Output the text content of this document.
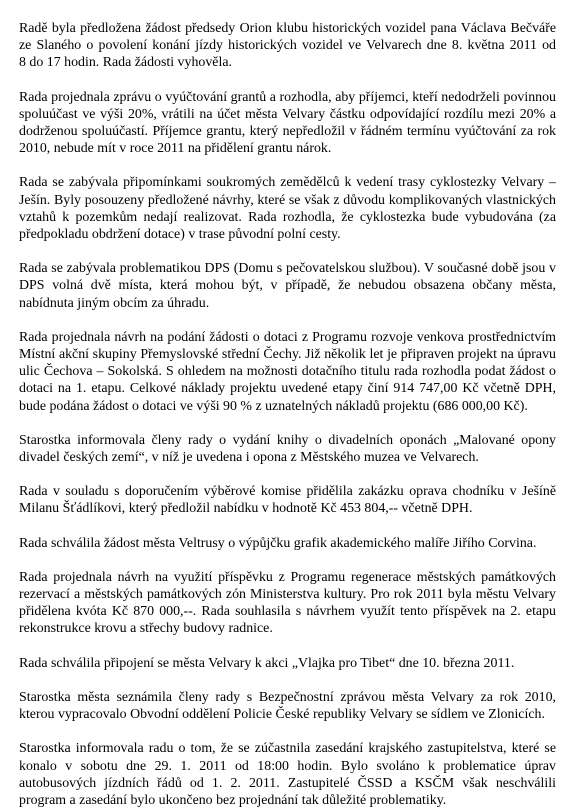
Radě byla předložena žádost předsedy Orion klubu historických vozidel pana Václava Bečváře
ze Slaného o povolení konání jízdy historických vozidel ve Velvarech dne 8. května 2011 od
8 do 17 hodin. Rada žádosti vyhověla.

Rada projednala zprávu o vyúčtování grantů a rozhodla, aby příjemci, kteří nedodrželi povinnou
spoluúčast ve výši 20%, vrátili na účet města Velvary částku odpovídající rozdílu mezi 20% a
dodrženou spoluúčastí. Příjemce grantu, který nepředložil v řádném termínu vyúčtování za rok
2010, nebude mít v roce 2011 na přidělení grantu nárok.

Rada se zabývala připomínkami soukromých zemědělců k vedení trasy cyklostezky Velvary –
Ješín. Byly posouzeny předložené návrhy, které se však z důvodu komplikovaných vlastnických
vztahů k pozemkům nedají realizovat. Rada rozhodla, že cyklostezka bude vybudována (za
předpokladu obdržení dotace) v trase původní polní cesty.

Rada se zabývala problematikou DPS (Domu s pečovatelskou službou). V současné době jsou v
DPS volná dvě místa, která mohou být, v případě, že nebudou obsazena občany města,
nabídnuta jiným obcím za úhradu.

Rada projednala návrh na podání žádosti o dotaci z Programu rozvoje venkova prostřednictvím
Místní akční skupiny Přemyslovské střední Čechy. Již několik let je připraven projekt na úpravu
ulic Čechova – Sokolská. S ohledem na možnosti dotačního titulu rada rozhodla podat žádost o
dotaci na 1. etapu. Celkové náklady projektu uvedené etapy činí 914 747,00 Kč včetně DPH,
bude podána žádost o dotaci ve výši 90 % z uznatelných nákladů projektu (686 000,00 Kč).

Starostka informovala členy rady o vydání knihy o divadelních oponách „Malované opony
divadel českých zemí“, v níž je uvedena i opona z Městského muzea ve Velvarech.

Rada v souladu s doporučením výběrové komise přidělila zakázku oprava chodníku v Ješíně
Milanu Šťádlíkovi, který předložil nabídku v hodnotě Kč 453 804,-- včetně DPH.

Rada schválila žádost města Veltrusy o výpůjčku grafik akademického malíře Jiřího Corvina.

Rada projednala návrh na využití příspěvku z Programu regenerace městských památkových
rezervací a městských památkových zón Ministerstva kultury. Pro rok 2011 byla městu Velvary
přidělena kvóta Kč 870 000,--. Rada souhlasila s návrhem využít tento příspěvek na 2. etapu
rekonstrukce krovu a střechy budovy radnice.

Rada schválila připojení se města Velvary k akci „Vlajka pro Tibet“ dne 10. března 2011.

Starostka města seznámila členy rady s Bezpečnostní zprávou města Velvary za rok 2010,
kterou vypracovalo Obvodní oddělení Policie České republiky Velvary se sídlem ve Zlonicích.

Starostka informovala radu o tom, že se zúčastnila zasedání krajského zastupitelstva, které se
konalo v sobotu dne 29. 1. 2011 od 18:00 hodin. Bylo svoláno k problematice úprav
autobusových jízdních řádů od 1. 2. 2011. Zastupitelé ČSSD a KSČM však neschválili
program a zasedání bylo ukončeno bez projednání tak důležité problematiky.
